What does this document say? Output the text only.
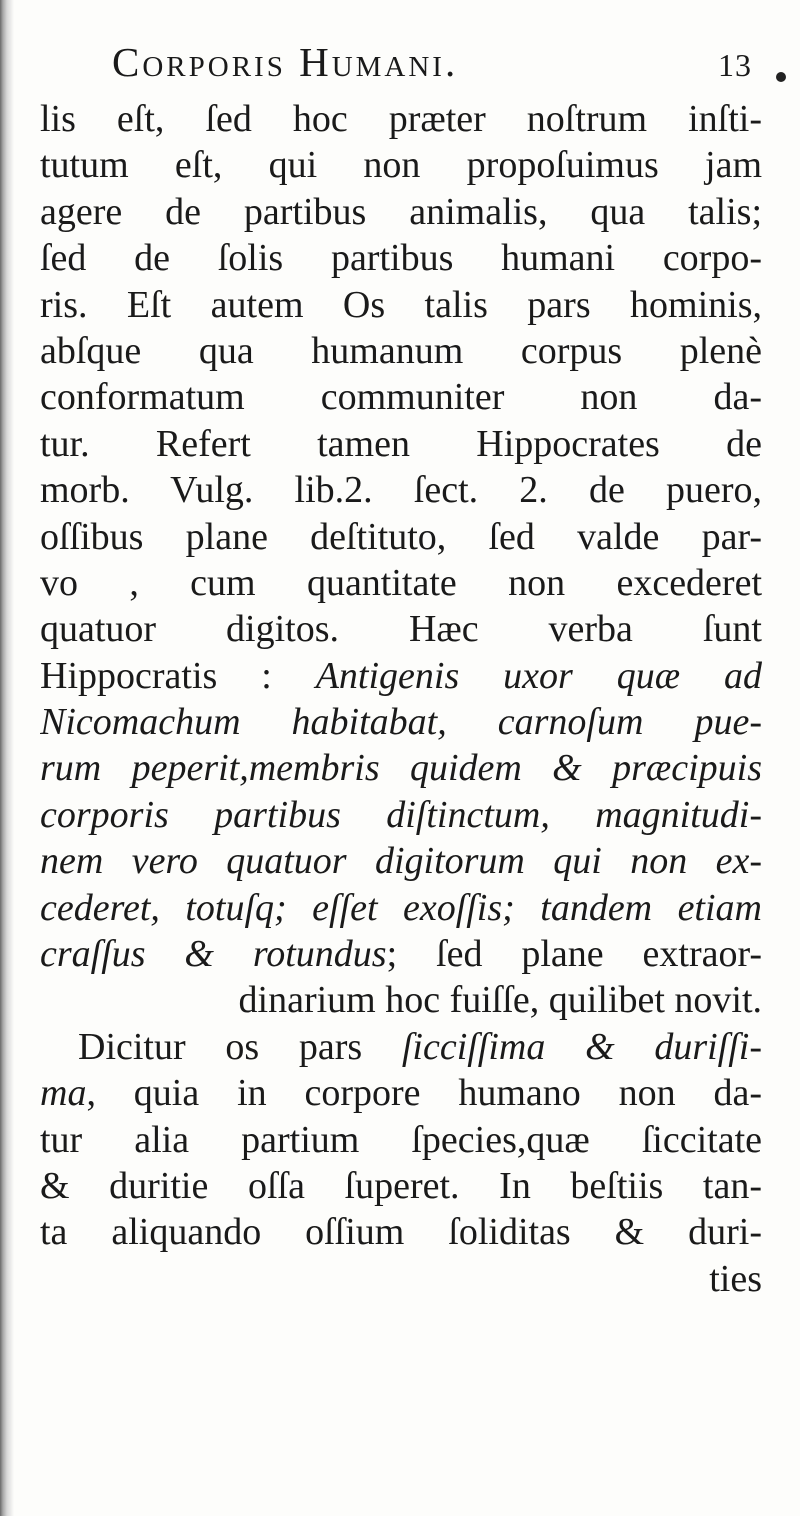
Corporis Humani.	13
lis eſt, ſed hoc præter noſtrum inſti-
tutum eſt, qui non propoſuimus jam
agere de partibus animalis, qua talis;
ſed de ſolis partibus humani corpo-
ris. Eſt autem Os talis pars hominis,
abſque qua humanum corpus plenè
conformatum communiter non da-
tur. Refert tamen Hippocrates de
morb. Vulg. lib.2. ſect. 2. de puero,
oſſibus plane deſtituto, ſed valde par-
vo , cum quantitate non excederet
quatuor digitos. Hæc verba ſunt
Hippocratis : Antigenis uxor quæ ad
Nicomachum habitabat, carnoſum pue-
rum peperit,membris quidem & præcipuis
corporis partibus diſtinctum, magnitudi-
nem vero quatuor digitorum qui non ex-
cederet, totuſq; eſſet exoſſis; tandem etiam
craſſus & rotundus; ſed plane extraor-
dinarium hoc fuiſſe, quilibet novit.
Dicitur os pars ſicciſſima & duriſſi-
ma, quia in corpore humano non da-
tur alia partium ſpecies,quæ ſiccitate
& duritie oſſa ſuperet. In beſtiis tan-
ta aliquando oſſium ſoliditas & duri-
ties
